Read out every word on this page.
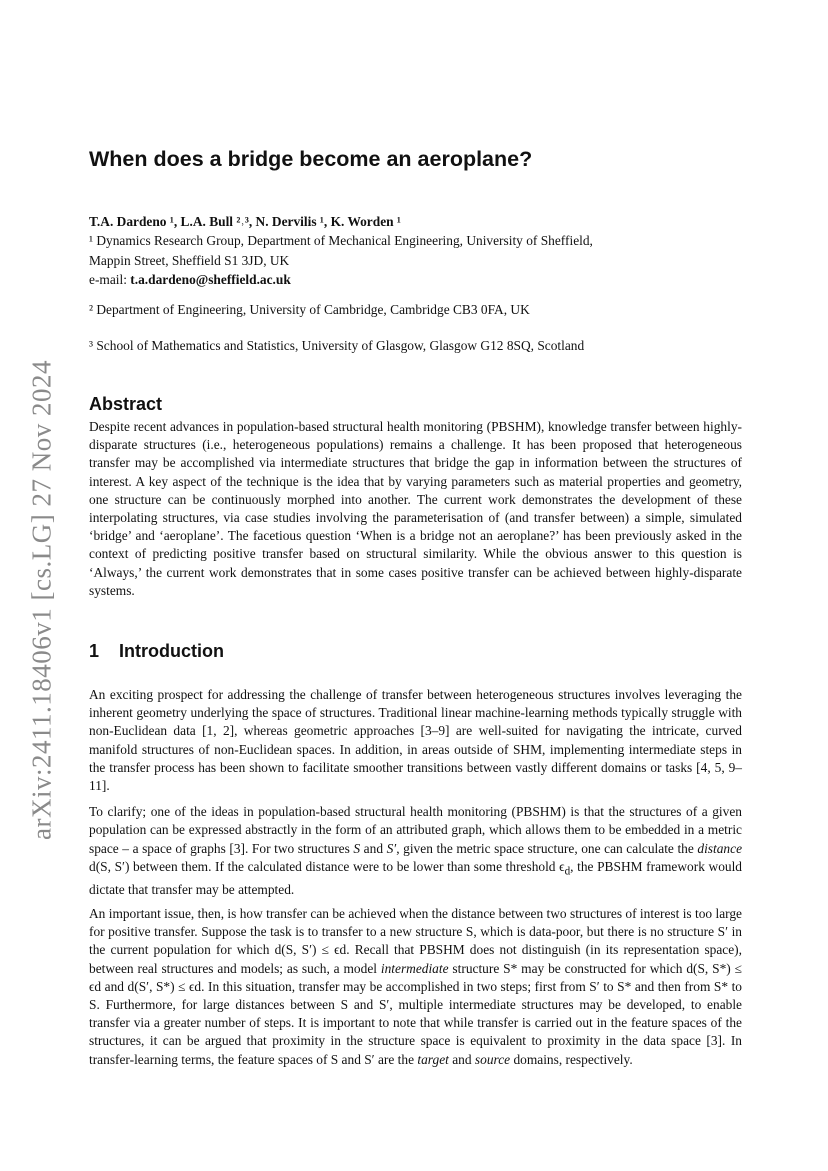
arXiv:2411.18406v1 [cs.LG] 27 Nov 2024
When does a bridge become an aeroplane?
T.A. Dardeno ¹, L.A. Bull ²˒³, N. Dervilis ¹, K. Worden ¹
¹ Dynamics Research Group, Department of Mechanical Engineering, University of Sheffield,
Mappin Street, Sheffield S1 3JD, UK
e-mail: t.a.dardeno@sheffield.ac.uk
² Department of Engineering, University of Cambridge, Cambridge CB3 0FA, UK
³ School of Mathematics and Statistics, University of Glasgow, Glasgow G12 8SQ, Scotland
Abstract

Despite recent advances in population-based structural health monitoring (PBSHM), knowledge transfer between highly-disparate structures (i.e., heterogeneous populations) remains a challenge. It has been proposed that heterogeneous transfer may be accomplished via intermediate structures that bridge the gap in information between the structures of interest. A key aspect of the technique is the idea that by varying parameters such as material properties and geometry, one structure can be continuously morphed into another. The current work demonstrates the development of these interpolating structures, via case studies involving the parameterisation of (and transfer between) a simple, simulated ‘bridge’ and ‘aeroplane’. The facetious question ‘When is a bridge not an aeroplane?’ has been previously asked in the context of predicting positive transfer based on structural similarity. While the obvious answer to this question is ‘Always,’ the current work demonstrates that in some cases positive transfer can be achieved between highly-disparate systems.

1 Introduction

An exciting prospect for addressing the challenge of transfer between heterogeneous structures involves leveraging the inherent geometry underlying the space of structures. Traditional linear machine-learning methods typically struggle with non-Euclidean data [1, 2], whereas geometric approaches [3–9] are well-suited for navigating the intricate, curved manifold structures of non-Euclidean spaces. In addition, in areas outside of SHM, implementing intermediate steps in the transfer process has been shown to facilitate smoother transitions between vastly different domains or tasks [4, 5, 9–11].

To clarify; one of the ideas in population-based structural health monitoring (PBSHM) is that the structures of a given population can be expressed abstractly in the form of an attributed graph, which allows them to be embedded in a metric space – a space of graphs [3]. For two structures S and S′, given the metric space structure, one can calculate the distance d(S, S′) between them. If the calculated distance were to be lower than some threshold $\epsilon_d$, the PBSHM framework would dictate that transfer may be attempted.

An important issue, then, is how transfer can be achieved when the distance between two structures of interest is too large for positive transfer. Suppose the task is to transfer to a new structure S, which is data-poor, but there is no structure S′ in the current population for which d(S, S′) ≤ ϵd. Recall that PBSHM does not distinguish (in its representation space), between real structures and models; as such, a model intermediate structure S* may be constructed for which d(S, S*) ≤ ϵd and d(S′, S*) ≤ ϵd. In this situation, transfer may be accomplished in two steps; first from S′ to S* and then from S* to S. Furthermore, for large distances between S and S′, multiple intermediate structures may be developed, to enable transfer via a greater number of steps. It is important to note that while transfer is carried out in the feature spaces of the structures, it can be argued that proximity in the structure space is equivalent to proximity in the data space [3]. In transfer-learning terms, the feature spaces of S and S′ are the target and source domains, respectively.
